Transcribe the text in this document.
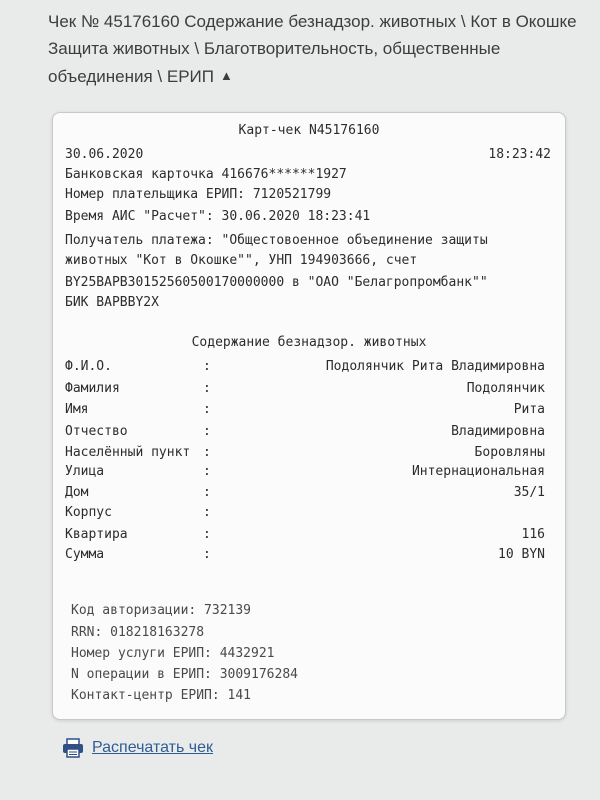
Чек № 45176160 Содержание безнадзор. животных \ Кот в Окошке
Защита животных \ Благотворительность, общественные
объединения \ ЕРИП ▲
Карт-чек N45176160
30.06.2020	18:23:42
Банковская карточка 416676******1927
Номер плательщика ЕРИП: 7120521799
Время АИС "Расчет": 30.06.2020 18:23:41
Получатель платежа: "Общестовоенное объединение защиты
животных "Кот в Окошке"", УНП 194903666, счет
BY25BAPB30152560500170000000 в "ОАО "Белагропромбанк""
БИК BAPBBY2X
Содержание безнадзор. животных
Ф.И.О.	:	Подолянчик Рита Владимировна
Фамилия	:	Подолянчик
Имя	:	Рита
Отчество	:	Владимировна
Населённый пункт :	Боровляны
Улица	:	Интернациональная
Дом	:	35/1
Корпус	:
Квартира	:	116
Сумма	:	10 BYN
Код авторизации: 732139
RRN: 018218163278
Номер услуги ЕРИП: 4432921
N операции в ЕРИП: 3009176284
Контакт-центр ЕРИП: 141
Распечатать чек
